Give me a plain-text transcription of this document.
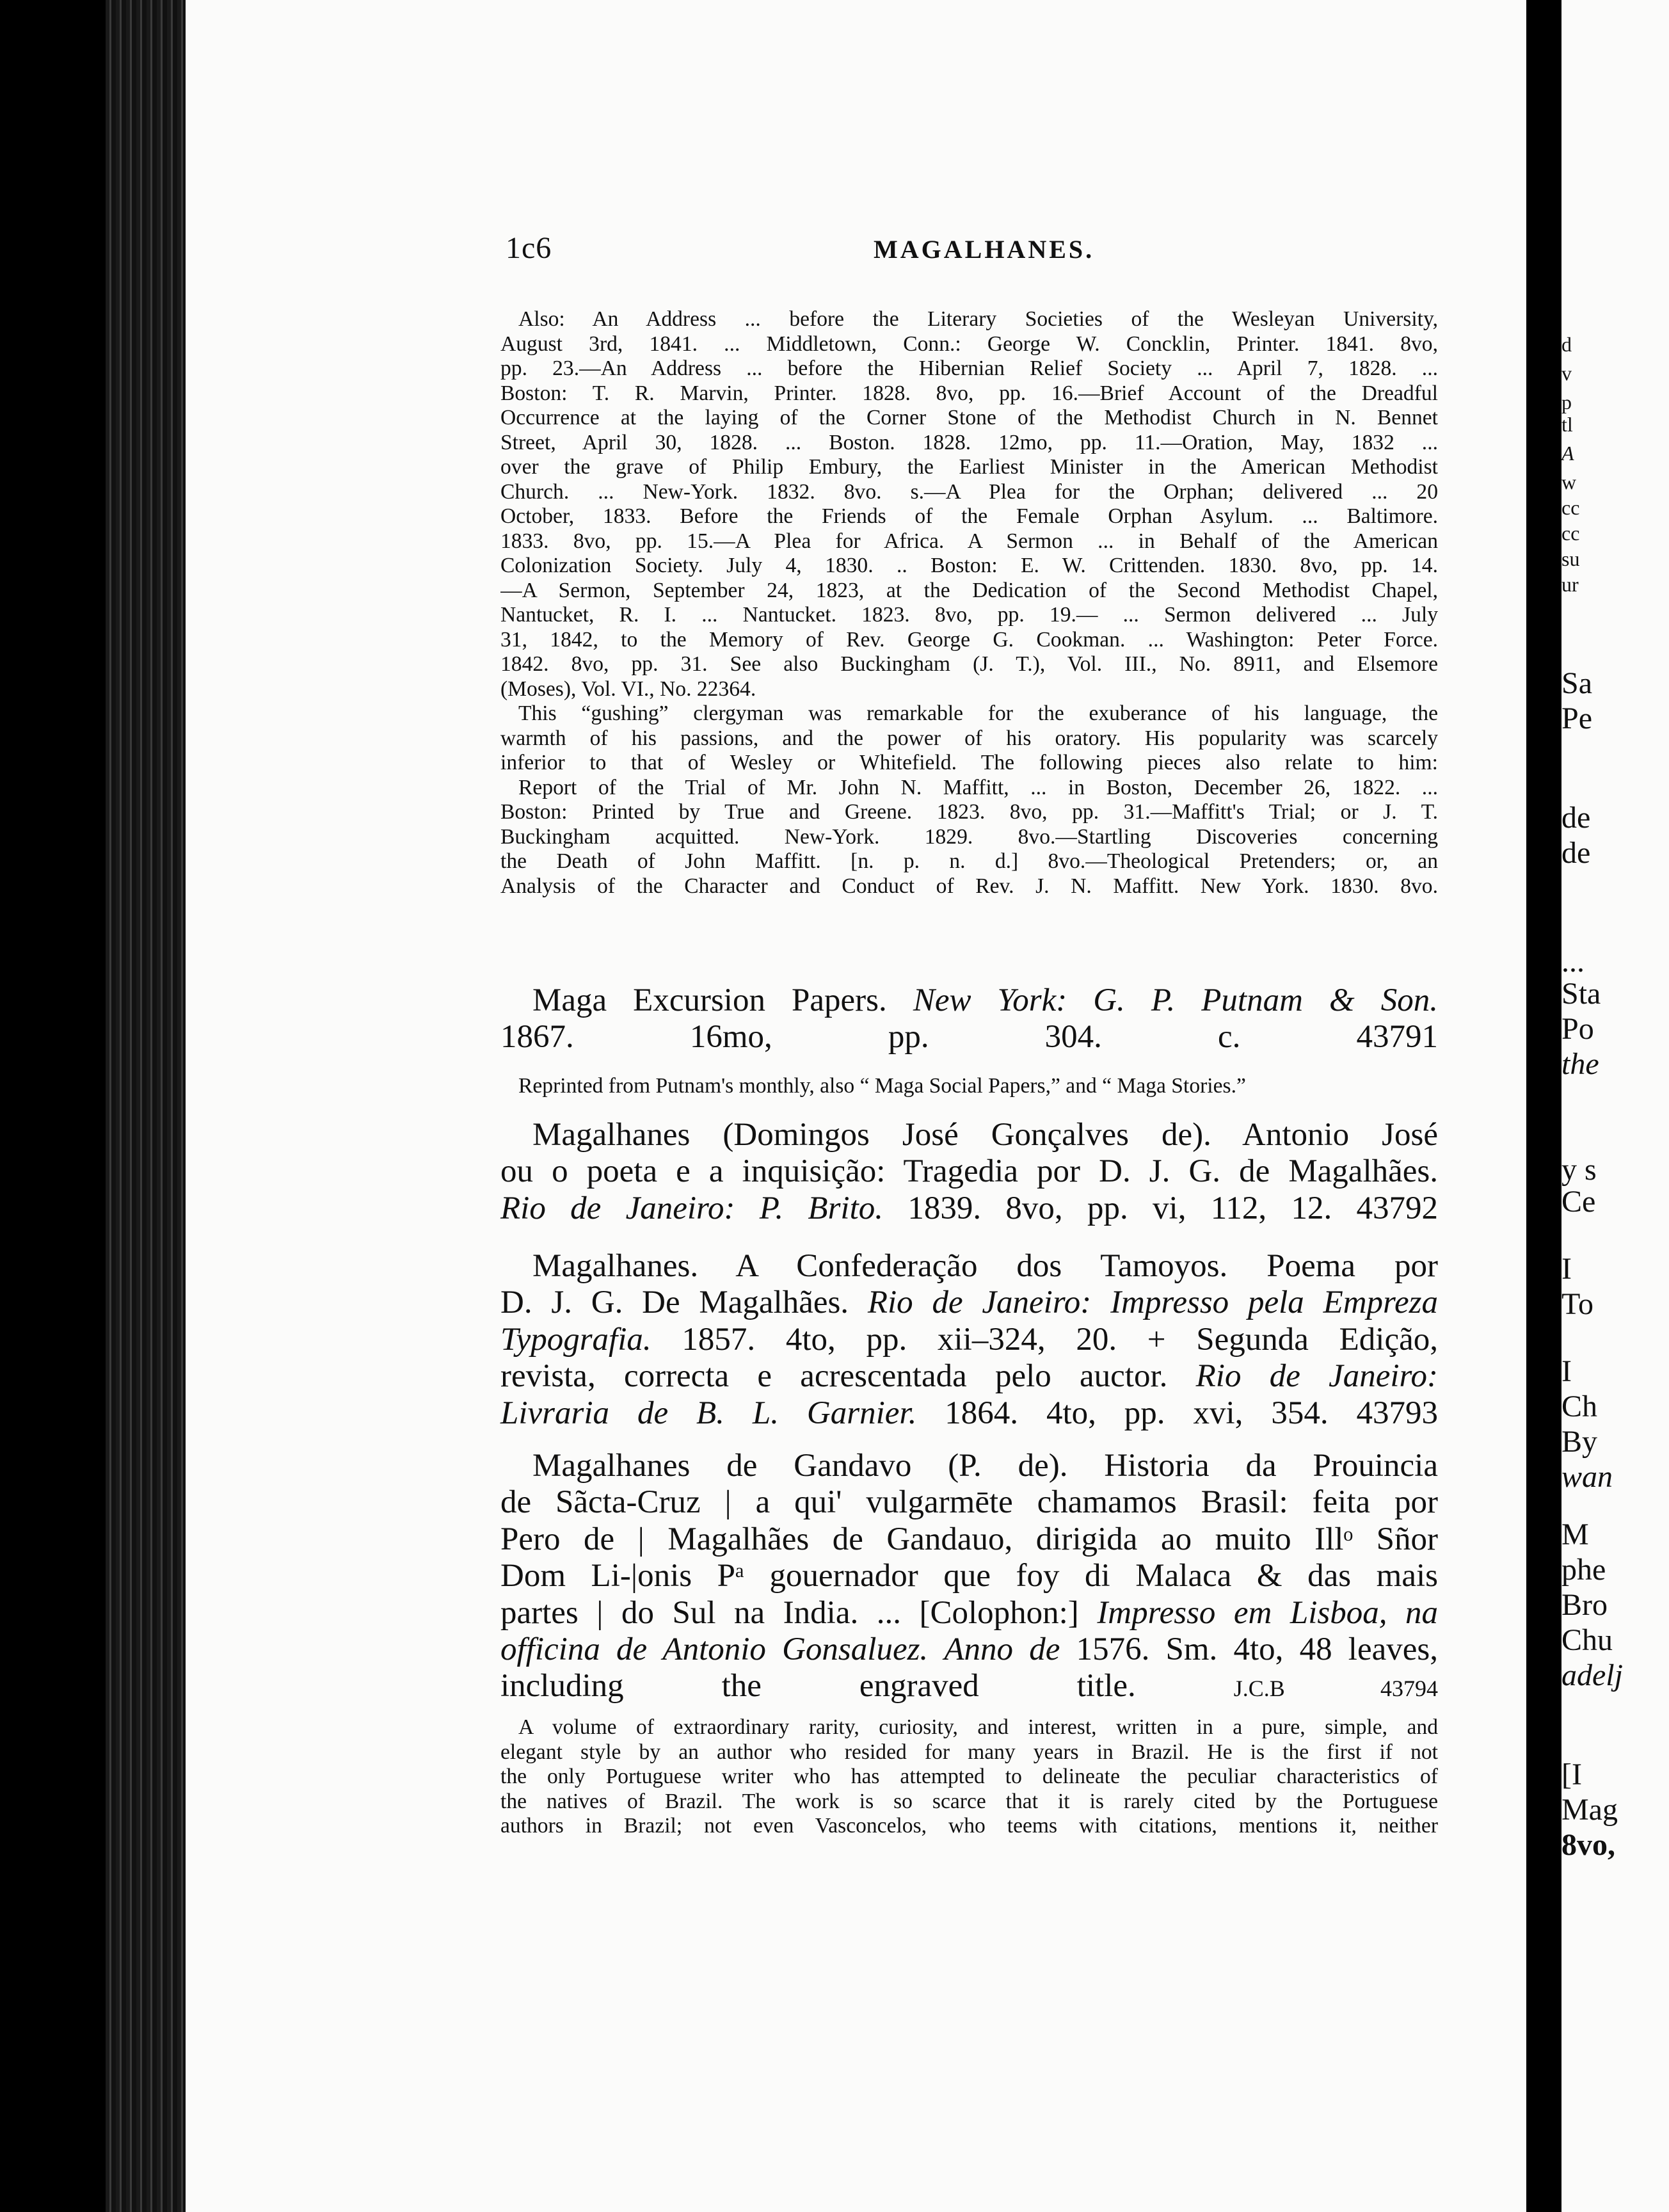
d
v
p
tl
A
w
cc
cc
su
ur
Sa
Pe
de
de
...
Sta
Po
the
y s
Ce
I
To
I
Ch
By
wan
M
phe
Bro
Chu
adelj
[I
Mag
8vo,
1c6	MAGALHANES.
Also: An Address ... before the Literary Societies of the Wesleyan University,
August 3rd, 1841. ... Middletown, Conn.: George W. Concklin, Printer. 1841. 8vo,
pp. 23.—An Address ... before the Hibernian Relief Society ... April 7, 1828. ...
Boston: T. R. Marvin, Printer. 1828. 8vo, pp. 16.—Brief Account of the Dreadful
Occurrence at the laying of the Corner Stone of the Methodist Church in N. Bennet
Street, April 30, 1828. ... Boston. 1828. 12mo, pp. 11.—Oration, May, 1832 ...
over the grave of Philip Embury, the Earliest Minister in the American Methodist
Church. ... New-York. 1832. 8vo. s.—A Plea for the Orphan; delivered ... 20
October, 1833. Before the Friends of the Female Orphan Asylum. ... Baltimore.
1833. 8vo, pp. 15.—A Plea for Africa. A Sermon ... in Behalf of the American
Colonization Society. July 4, 1830. .. Boston: E. W. Crittenden. 1830. 8vo, pp. 14.
—A Sermon, September 24, 1823, at the Dedication of the Second Methodist Chapel,
Nantucket, R. I. ... Nantucket. 1823. 8vo, pp. 19.— ... Sermon delivered ... July
31, 1842, to the Memory of Rev. George G. Cookman. ... Washington: Peter Force.
1842. 8vo, pp. 31. See also Buckingham (J. T.), Vol. III., No. 8911, and Elsemore
(Moses), Vol. VI., No. 22364.
This “gushing” clergyman was remarkable for the exuberance of his language, the
warmth of his passions, and the power of his oratory. His popularity was scarcely
inferior to that of Wesley or Whitefield. The following pieces also relate to him:
Report of the Trial of Mr. John N. Maffitt, ... in Boston, December 26, 1822. ...
Boston: Printed by True and Greene. 1823. 8vo, pp. 31.—Maffitt's Trial; or J. T.
Buckingham acquitted. New-York. 1829. 8vo.—Startling Discoveries concerning
the Death of John Maffitt. [n. p. n. d.] 8vo.—Theological Pretenders; or, an
Analysis of the Character and Conduct of Rev. J. N. Maffitt. New York. 1830. 8vo.
Maga Excursion Papers. New York: G. P. Putnam & Son.
1867. 16mo, pp. 304.	c. 43791
Reprinted from Putnam's monthly, also “ Maga Social Papers,” and “ Maga Stories.”
Magalhanes (Domingos José Gonçalves de). Antonio José
ou o poeta e a inquisição: Tragedia por D. J. G. de Magalhães.
Rio de Janeiro: P. Brito. 1839. 8vo, pp. vi, 112, 12. 43792
Magalhanes. A Confederação dos Tamoyos. Poema por
D. J. G. De Magalhães. Rio de Janeiro: Impresso pela Empreza
Typografia. 1857. 4to, pp. xii–324, 20. + Segunda Edição,
revista, correcta e acrescentada pelo auctor. Rio de Janeiro:
Livraria de B. L. Garnier. 1864. 4to, pp. xvi, 354. 43793
Magalhanes de Gandavo (P. de). Historia da Prouincia
de Sãcta-Cruz | a qui' vulgarmēte chamamos Brasil: feita por
Pero de | Magalhães de Gandauo, dirigida ao muito Illᵒ Sñor
Dom Li-|onis Pᵃ gouernador que foy di Malaca & das mais
partes | do Sul na India. ... [Colophon:] Impresso em Lisboa, na
officina de Antonio Gonsaluez. Anno de 1576. Sm. 4to, 48 leaves,
including the engraved title.	J.C.B 43794
A volume of extraordinary rarity, curiosity, and interest, written in a pure, simple, and
elegant style by an author who resided for many years in Brazil. He is the first if not
the only Portuguese writer who has attempted to delineate the peculiar characteristics of
the natives of Brazil. The work is so scarce that it is rarely cited by the Portuguese
authors in Brazil; not even Vasconcelos, who teems with citations, mentions it, neither
